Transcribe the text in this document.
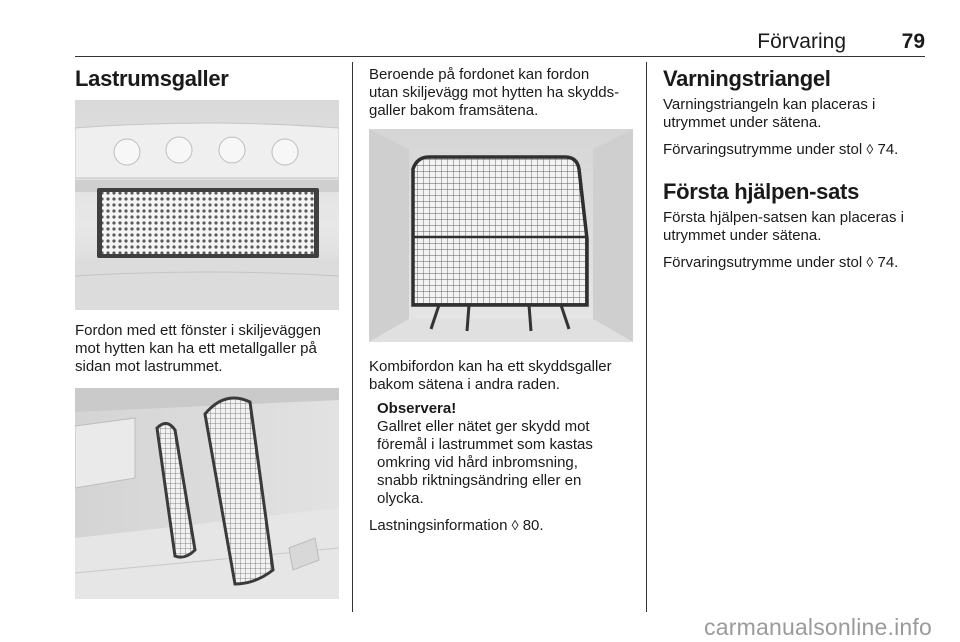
Förvaring	79
Lastrumsgaller

Fordon med ett fönster i skiljeväggen

mot hytten kan ha ett metallgaller på

sidan mot lastrummet.

Beroende på fordonet kan fordon

utan skiljevägg mot hytten ha skydds-

galler bakom framsätena.

Kombifordon kan ha ett skyddsgaller

bakom sätena i andra raden.

Observera!

Gallret eller nätet ger skydd mot

föremål i lastrummet som kastas

omkring vid hård inbromsning,

snabb riktningsändring eller en

olycka.

Lastningsinformation ◊ 80.

Varningstriangel

Varningstriangeln kan placeras i

utrymmet under sätena.

Förvaringsutrymme under stol ◊ 74.

Första hjälpen-sats

Första hjälpen-satsen kan placeras i

utrymmet under sätena.

Förvaringsutrymme under stol ◊ 74.

carmanualsonline.info
